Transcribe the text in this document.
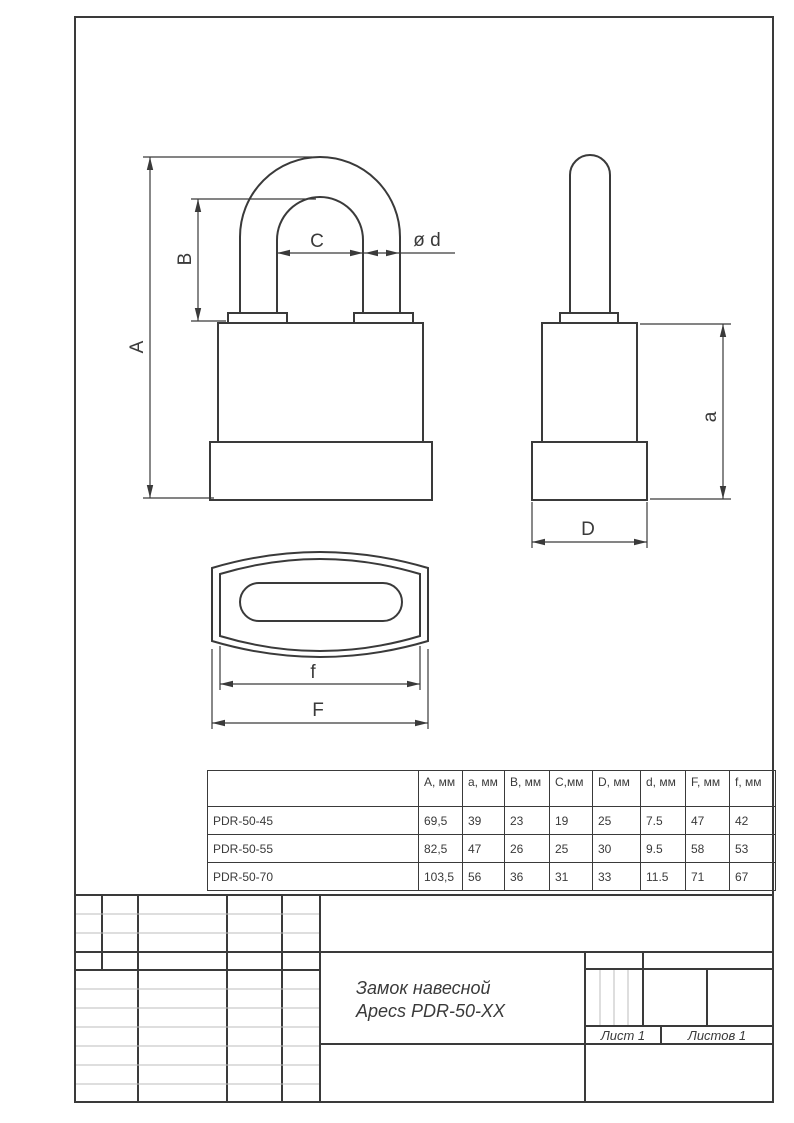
A
B
C	ø d
a
D
f
F
	A, мм	a, мм	B, мм	C,мм	D, мм	d, мм	F, мм	f, мм
PDR-50-45	69,5	39	23	19	25	7.5	47	42
PDR-50-55	82,5	47	26	25	30	9.5	58	53
PDR-50-70	103,5	56	36	31	33	11.5	71	67
Замок навесной
Apecs PDR-50-XX
Лист 1	Листов 1
